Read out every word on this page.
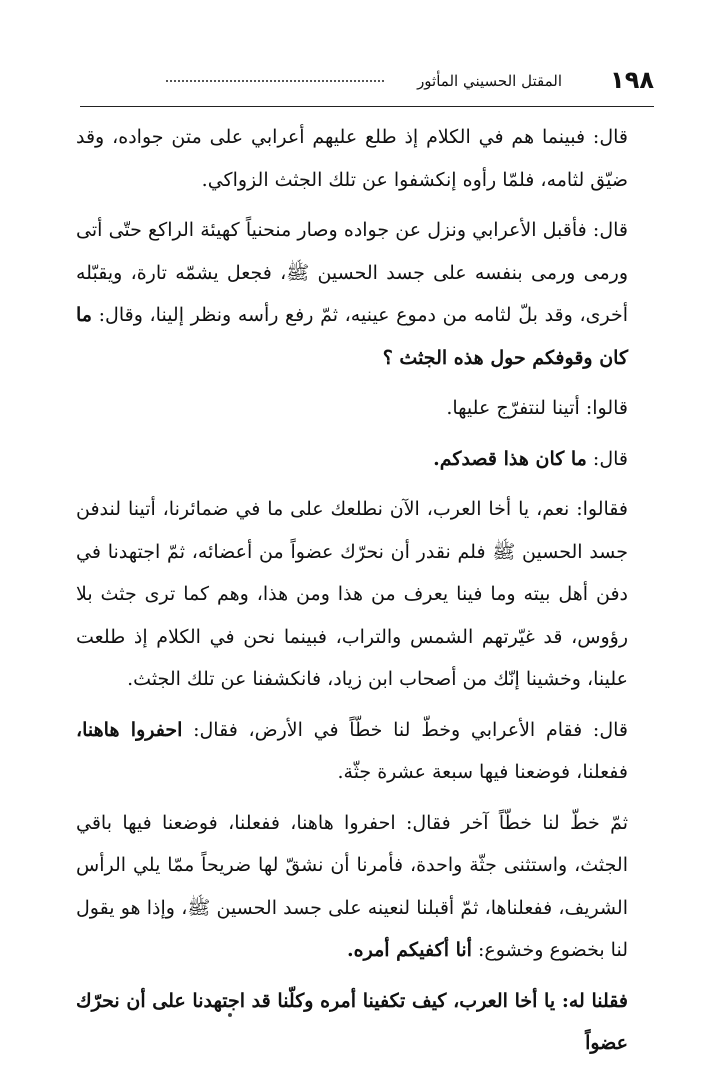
١٩٨
المقتل الحسيني المأثور

قال: فبينما هم في الكلام إذ طلع عليهم أعرابي على متن جواده، وقد ضيّق لثامه، فلمّا رأوه إنكشفوا عن تلك الجثث الزواكي.

قال: فأقبل الأعرابي ونزل عن جواده وصار منحنياً كهيئة الراكع حتّى أتى ورمى ورمى بنفسه على جسد الحسين ﷺ، فجعل يشمّه تارة، ويقبّله أخرى، وقد بلّ لثامه من دموع عينيه، ثمّ رفع رأسه ونظر إلينا، وقال: ما كان وقوفكم حول هذه الجثث ؟

قالوا: أتينا لنتفرّج عليها.

قال: ما كان هذا قصدكم.

فقالوا: نعم، يا أخا العرب، الآن نطلعك على ما في ضمائرنا، أتينا لندفن جسد الحسين ﷺ فلم نقدر أن نحرّك عضواً من أعضائه، ثمّ اجتهدنا في دفن أهل بيته وما فينا يعرف من هذا ومن هذا، وهم كما ترى جثث بلا رؤوس، قد غيّرتهم الشمس والتراب، فبينما نحن في الكلام إذ طلعت علينا، وخشينا إنّك من أصحاب ابن زياد، فانكشفنا عن تلك الجثث.

قال: فقام الأعرابي وخطّ لنا خطّاً في الأرض، فقال: احفروا هاهنا، ففعلنا، فوضعنا فيها سبعة عشرة جثّة.

ثمّ خطّ لنا خطّاً آخر فقال: احفروا هاهنا، ففعلنا، فوضعنا فيها باقي الجثث، واستثنى جثّة واحدة، فأمرنا أن نشقّ لها ضريحاً ممّا يلي الرأس الشريف، ففعلناها، ثمّ أقبلنا لنعينه على جسد الحسين ﷺ، وإذا هو يقول لنا بخضوع وخشوع: أنا أكفيكم أمره.

فقلنا له: يا أخا العرب، كيف تكفينا أمره وكلّنا قد اجتهدنا على أن نحرّك عضواً
